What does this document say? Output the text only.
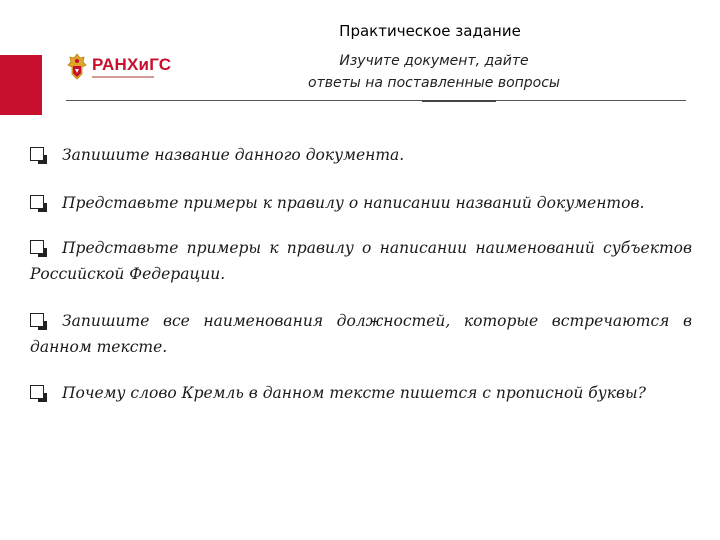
РАНХиГС
Практическое задание
Изучите документ, дайте
ответы на поставленные вопросы
Запишите название данного документа.
Представьте примеры к правилу о написании названий документов.
Представьте примеры к правилу о написании наименований субъектов Российской Федерации.
Запишите все наименования должностей, которые встречаются в данном тексте.
Почему слово Кремль в данном тексте пишется с прописной буквы?
